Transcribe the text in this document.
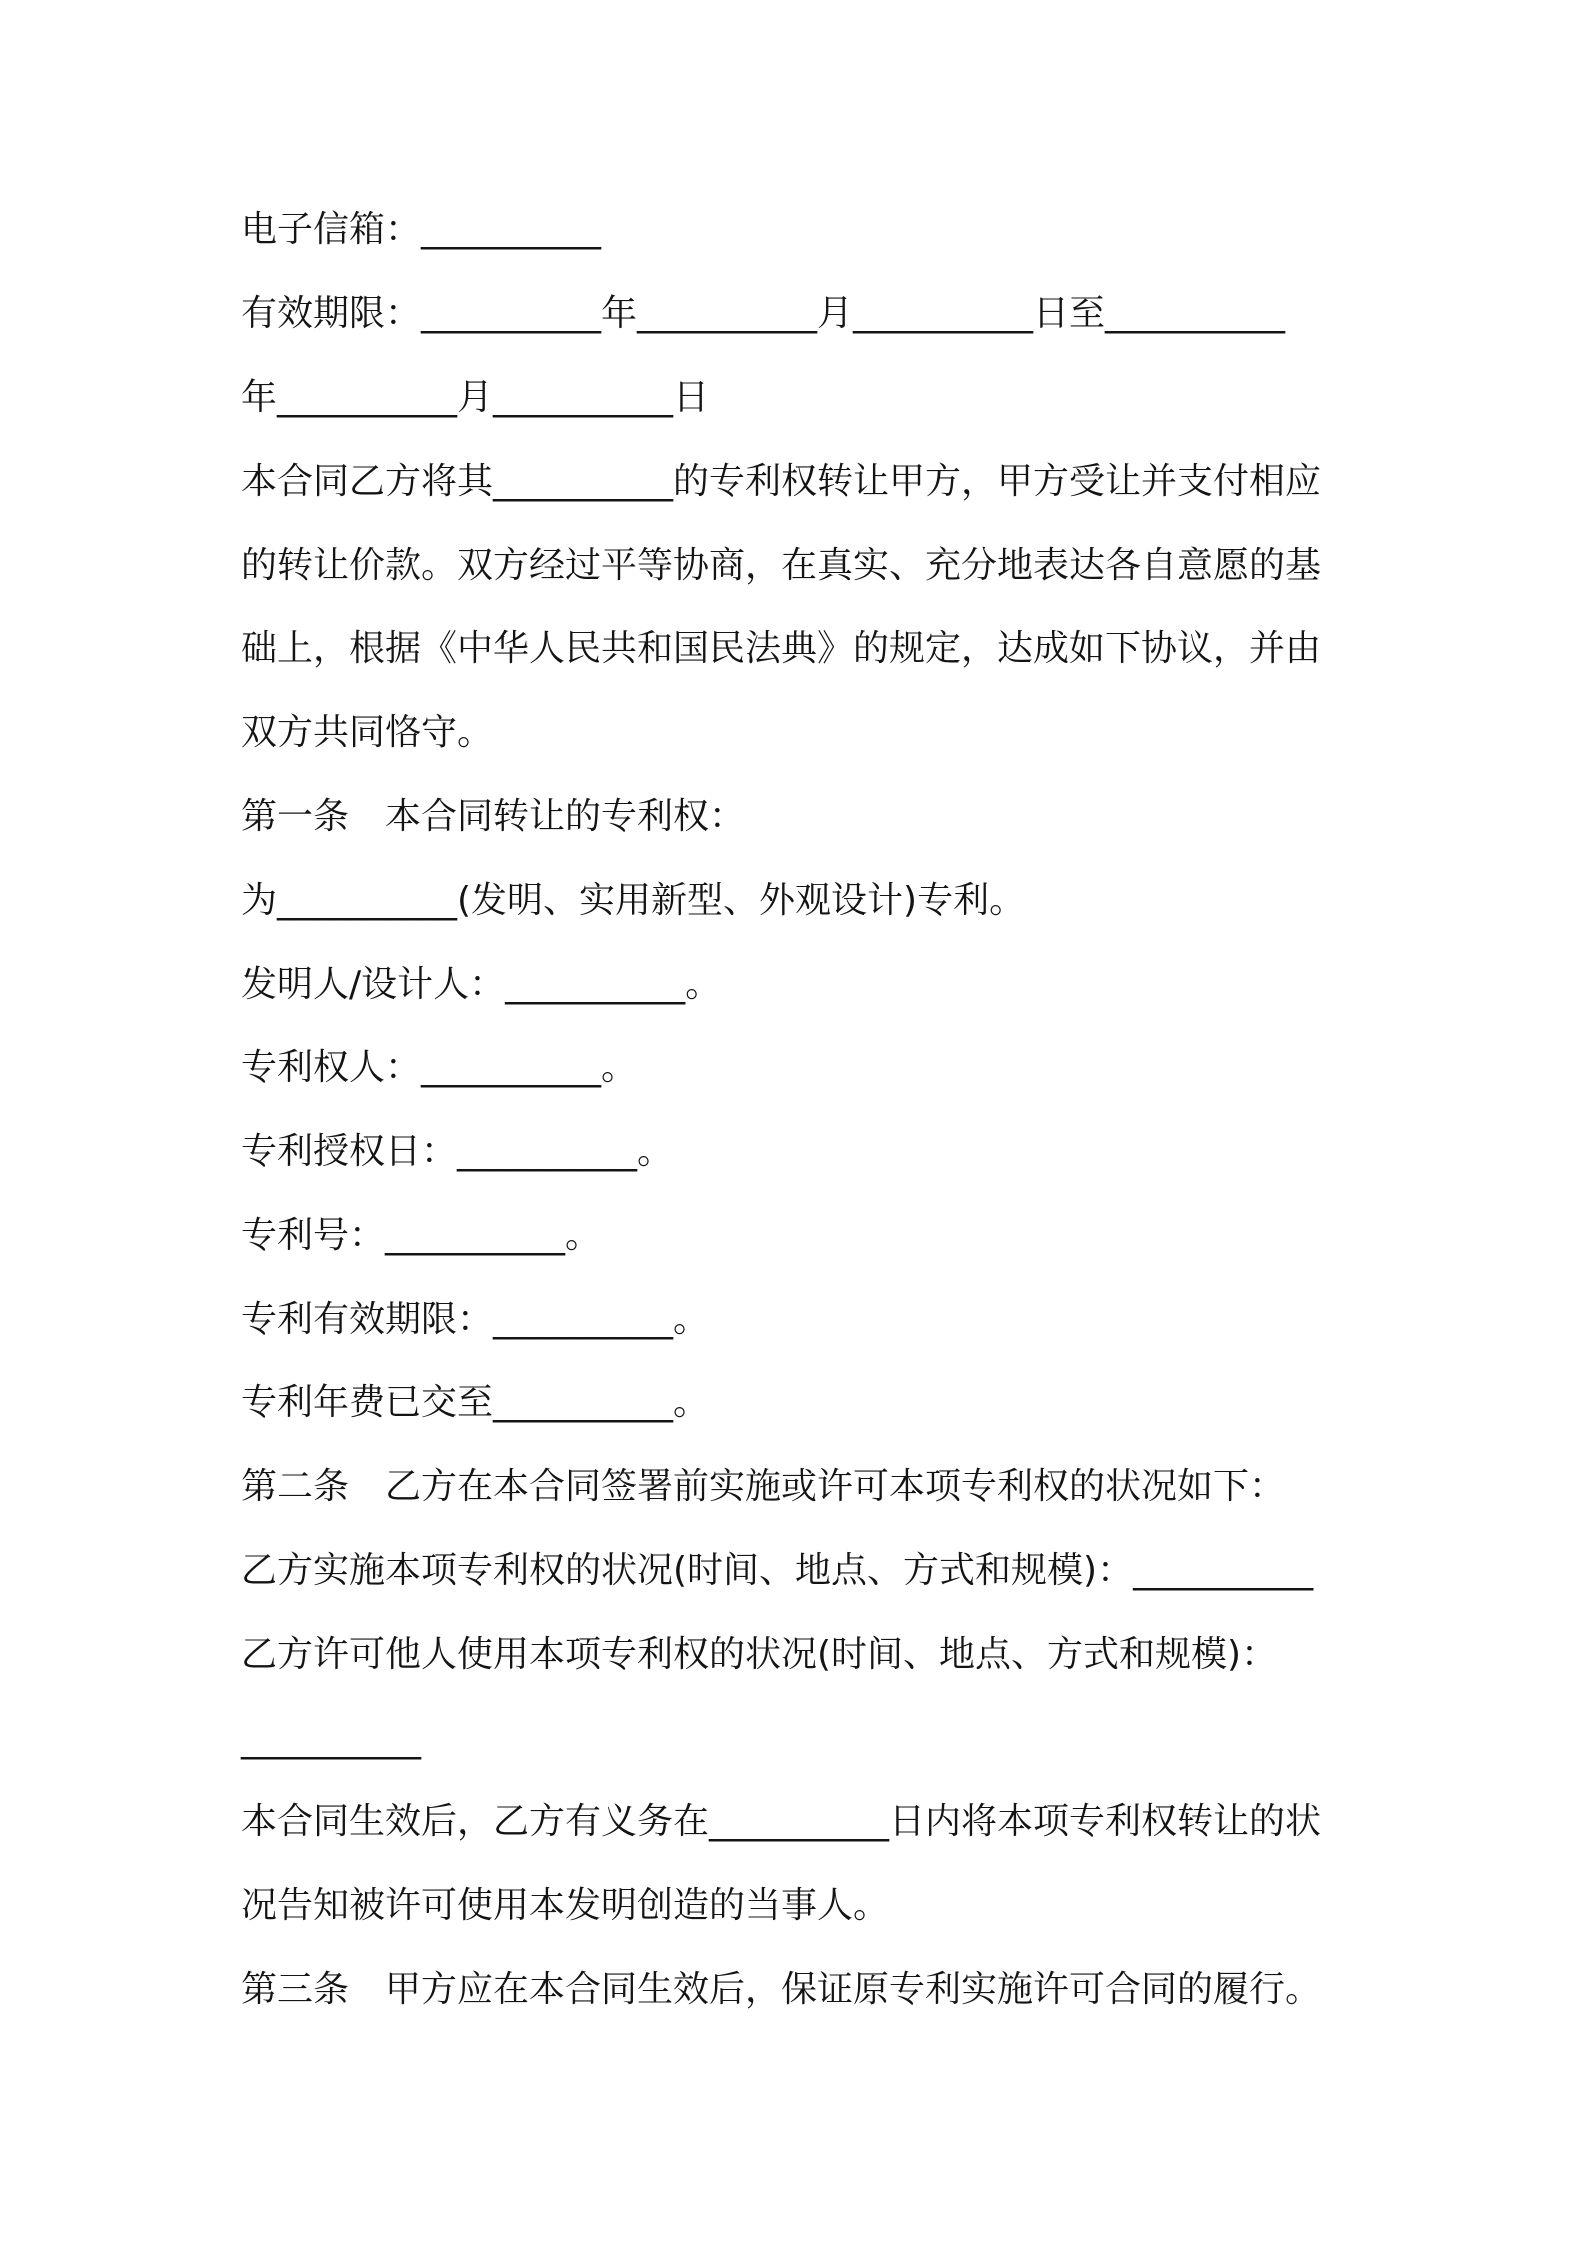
电子信箱：__________
有效期限：__________年__________月__________日至__________
年__________月__________日
本合同乙方将其__________的专利权转让甲方，甲方受让并支付相应
的转让价款。双方经过平等协商，在真实、充分地表达各自意愿的基
础上，根据《中华人民共和国民法典》的规定，达成如下协议，并由
双方共同恪守。
第一条　本合同转让的专利权：
为__________(发明、实用新型、外观设计)专利。
发明人/设计人：__________。
专利权人：__________。
专利授权日：__________。
专利号：__________。
专利有效期限：__________。
专利年费已交至__________。
第二条　乙方在本合同签署前实施或许可本项专利权的状况如下：
乙方实施本项专利权的状况(时间、地点、方式和规模)：__________
乙方许可他人使用本项专利权的状况(时间、地点、方式和规模)：
__________
本合同生效后，乙方有义务在__________日内将本项专利权转让的状
况告知被许可使用本发明创造的当事人。
第三条　甲方应在本合同生效后，保证原专利实施许可合同的履行。
